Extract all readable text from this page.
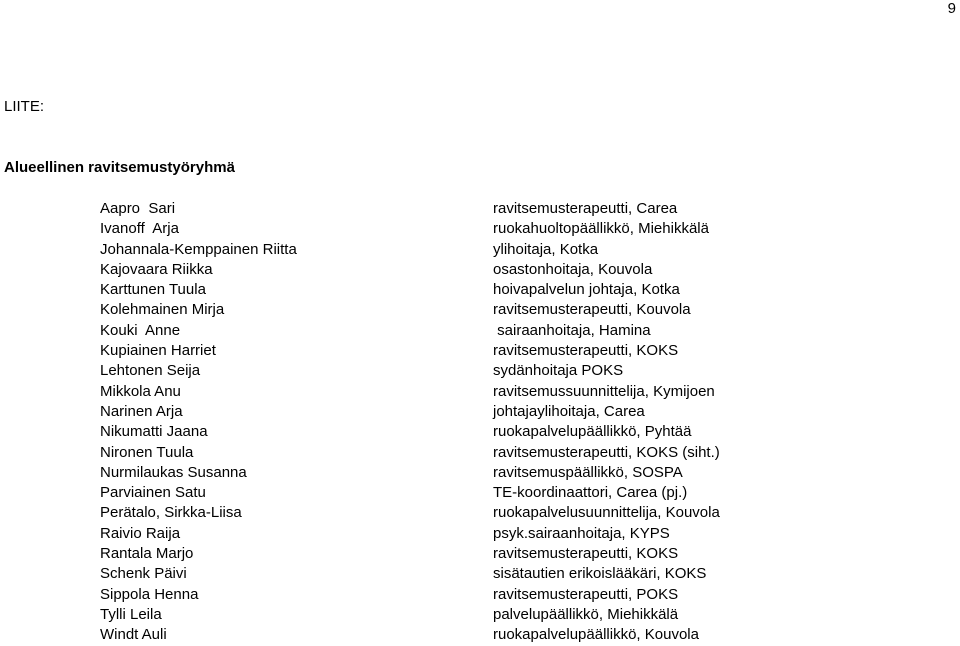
9
LIITE:
Alueellinen ravitsemustyöryhmä
Aapro  Sari
Ivanoff  Arja
Johannala-Kemppainen Riitta
Kajovaara Riikka
Karttunen Tuula
Kolehmainen Mirja
Kouki  Anne
Kupiainen Harriet
Lehtonen Seija
Mikkola Anu
Narinen Arja
Nikumatti Jaana
Nironen Tuula
Nurmilaukas Susanna
Parviainen Satu
Perätalo, Sirkka-Liisa
Raivio Raija
Rantala Marjo
Schenk Päivi
Sippola Henna
Tylli Leila
Windt Auli
ravitsemusterapeutti, Carea
ruokahuoltopäällikkö, Miehikkälä
ylihoitaja, Kotka
osastonhoitaja, Kouvola
hoivapalvelun johtaja, Kotka
ravitsemusterapeutti, Kouvola
sairaanhoitaja, Hamina
ravitsemusterapeutti, KOKS
sydänhoitaja POKS
ravitsemussuunnittelija, Kymijoen
johtajaylihoitaja, Carea
ruokapalvelupäällikkö, Pyhtää
ravitsemusterapeutti, KOKS (siht.)
ravitsemuspäällikkö, SOSPA
TE-koordinaattori, Carea (pj.)
ruokapalvelusuunnittelija, Kouvola
psyk.sairaanhoitaja, KYPS
ravitsemusterapeutti, KOKS
sisätautien erikoislääkäri, KOKS
ravitsemusterapeutti, POKS
palvelupäällikkö, Miehikkälä
ruokapalvelupäällikkö, Kouvola
